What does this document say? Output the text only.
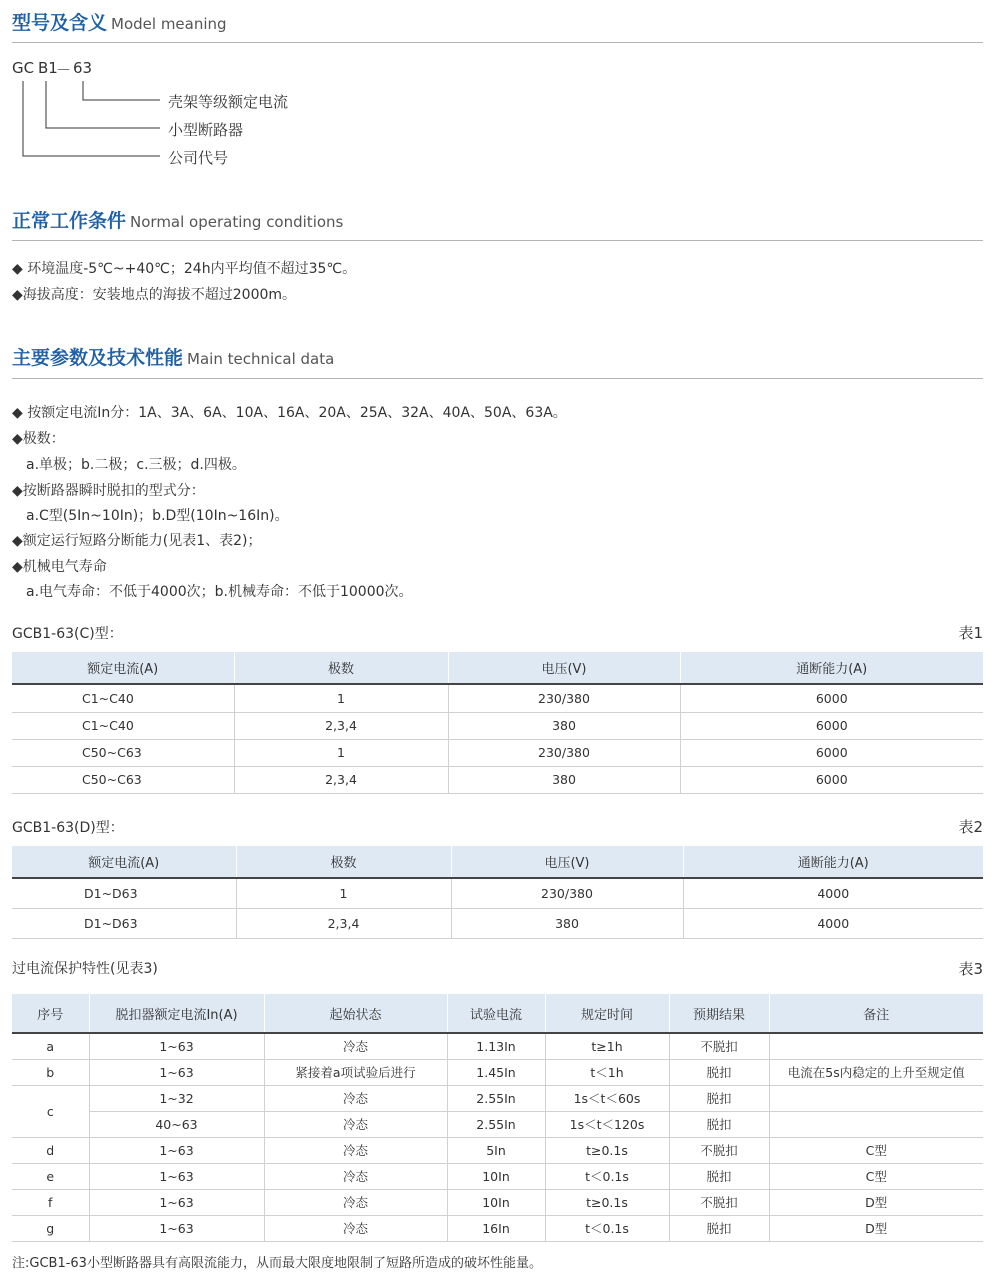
型号及含义 Model meaning
GC B1
－ 63
壳架等级额定电流
小型断路器
公司代号
正常工作条件 Normal operating conditions
◆ 环境温度-5℃~+40℃；24h内平均值不超过35℃。
◆海拔高度：安装地点的海拔不超过2000m。
主要参数及技术性能 Main technical data
◆ 按额定电流In分：1A、3A、6A、10A、16A、20A、25A、32A、40A、50A、63A。
◆极数：
a.单极；b.二极；c.三极；d.四极。
◆按断路器瞬时脱扣的型式分：
a.C型(5In~10In)；b.D型(10In~16In)。
◆额定运行短路分断能力(见表1、表2)；
◆机械电气寿命
a.电气寿命：不低于4000次；b.机械寿命：不低于10000次。
GCB1-63(C)型：	表1
额定电流(A)	极数	电压(V)	通断能力(A)
C1~C40	1	230/380	6000
C1~C40	2,3,4	380	6000
C50~C63	1	230/380	6000
C50~C63	2,3,4	380	6000
GCB1-63(D)型：	表2
额定电流(A)	极数	电压(V)	通断能力(A)
D1~D63	1	230/380	4000
D1~D63	2,3,4	380	4000
过电流保护特性(见表3)	表3
序号	脱扣器额定电流In(A)	起始状态	试验电流	规定时间	预期结果	备注
a	1~63	冷态	1.13In	t≥1h	不脱扣	
b	1~63	紧接着a项试验后进行	1.45In	t＜1h	脱扣	电流在5s内稳定的上升至规定值
c	1~32	冷态	2.55In	1s＜t＜60s	脱扣	
	40~63	冷态	2.55In	1s＜t＜120s	脱扣	
d	1~63	冷态	5In	t≥0.1s	不脱扣	C型
e	1~63	冷态	10In	t＜0.1s	脱扣	C型
f	1~63	冷态	10In	t≥0.1s	不脱扣	D型
g	1~63	冷态	16In	t＜0.1s	脱扣	D型
注:GCB1-63小型断路器具有高限流能力，从而最大限度地限制了短路所造成的破坏性能量。
